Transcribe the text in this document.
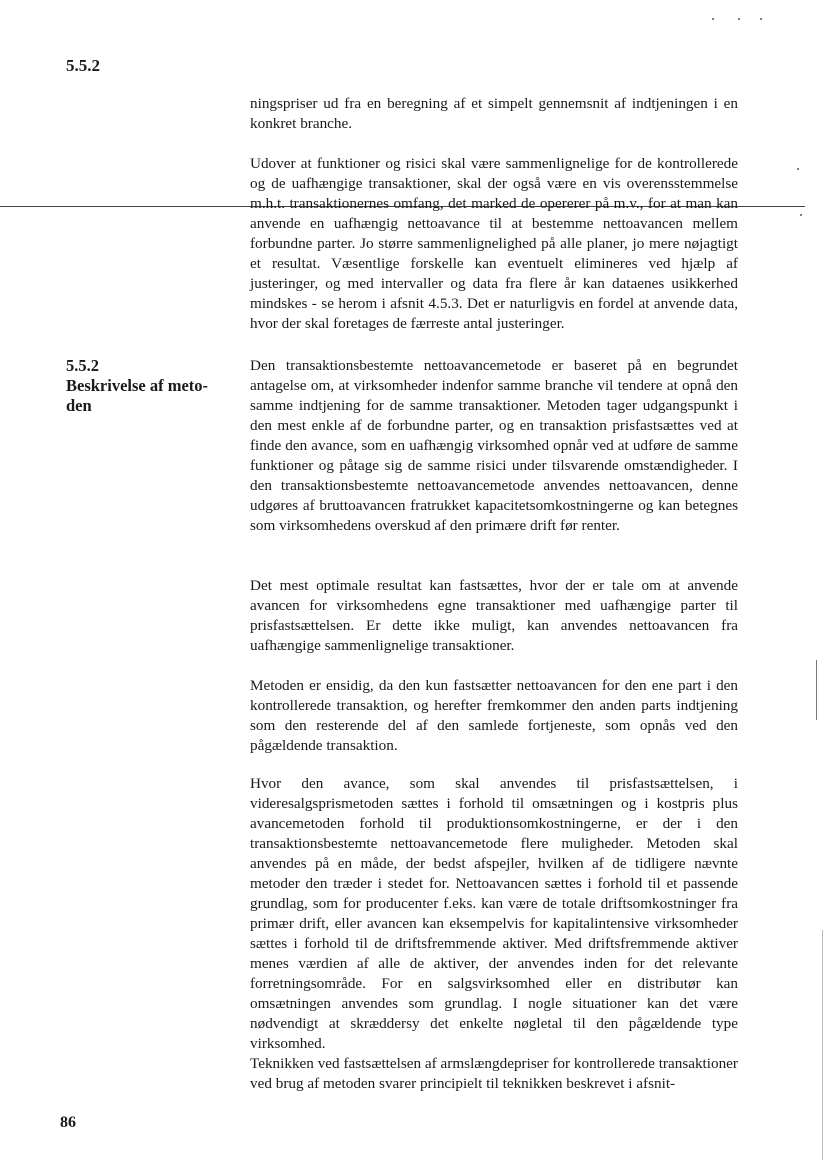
5.5.2

ningspriser ud fra en beregning af et simpelt gennemsnit af indtjeningen i en konkret branche.

Udover at funktioner og risici skal være sammenlignelige for de kontrollerede og de uafhængige transaktioner, skal der også være en vis overensstemmelse m.h.t. transaktionernes omfang, det marked de opererer på m.v., for at man kan anvende en uafhængig nettoavance til at bestemme nettoavancen mellem forbundne parter. Jo større sammenlignelighed på alle planer, jo mere nøjagtigt et resultat. Væsentlige forskelle kan eventuelt elimineres ved hjælp af justeringer, og med intervaller og data fra flere år kan dataenes usikkerhed mindskes - se herom i afsnit 4.5.3. Det er naturligvis en fordel at anvende data, hvor der skal foretages de færreste antal justeringer.

5.5.2
Beskrivelse af meto-
den

Den transaktionsbestemte nettoavancemetode er baseret på en begrundet antagelse om, at virksomheder indenfor samme branche vil tendere at opnå den samme indtjening for de samme transaktioner. Metoden tager udgangspunkt i den mest enkle af de forbundne parter, og en transaktion prisfastsættes ved at finde den avance, som en uafhængig virksomhed opnår ved at udføre de samme funktioner og påtage sig de samme risici under tilsvarende omstændigheder. I den transaktionsbestemte nettoavancemetode anvendes nettoavancen, denne udgøres af bruttoavancen fratrukket kapacitetsomkostningerne og kan betegnes som virksomhedens overskud af den primære drift før renter.

Det mest optimale resultat kan fastsættes, hvor der er tale om at anvende avancen for virksomhedens egne transaktioner med uafhængige parter til prisfastsættelsen. Er dette ikke muligt, kan anvendes nettoavancen fra uafhængige sammenlignelige transaktioner.

Metoden er ensidig, da den kun fastsætter nettoavancen for den ene part i den kontrollerede transaktion, og herefter fremkommer den anden parts indtjening som den resterende del af den samlede fortjeneste, som opnås ved den pågældende transaktion.

Hvor den avance, som skal anvendes til prisfastsættelsen, i videresalgsprismetoden sættes i forhold til omsætningen og i kostpris plus avancemetoden forhold til produktionsomkostningerne, er der i den transaktionsbestemte nettoavancemetode flere muligheder. Metoden skal anvendes på en måde, der bedst afspejler, hvilken af de tidligere nævnte metoder den træder i stedet for. Nettoavancen sættes i forhold til et passende grundlag, som for producenter f.eks. kan være de totale driftsomkostninger fra primær drift, eller avancen kan eksempelvis for kapitalintensive virksomheder sættes i forhold til de driftsfremmende aktiver. Med driftsfremmende aktiver menes værdien af alle de aktiver, der anvendes inden for det relevante forretningsområde. For en salgsvirksomhed eller en distributør kan omsætningen anvendes som grundlag. I nogle situationer kan det være nødvendigt at skræddersy det enkelte nøgletal til den pågældende type virksomhed.

Teknikken ved fastsættelsen af armslængdepriser for kontrollerede transaktioner ved brug af metoden svarer principielt til teknikken beskrevet i afsnit-

86
